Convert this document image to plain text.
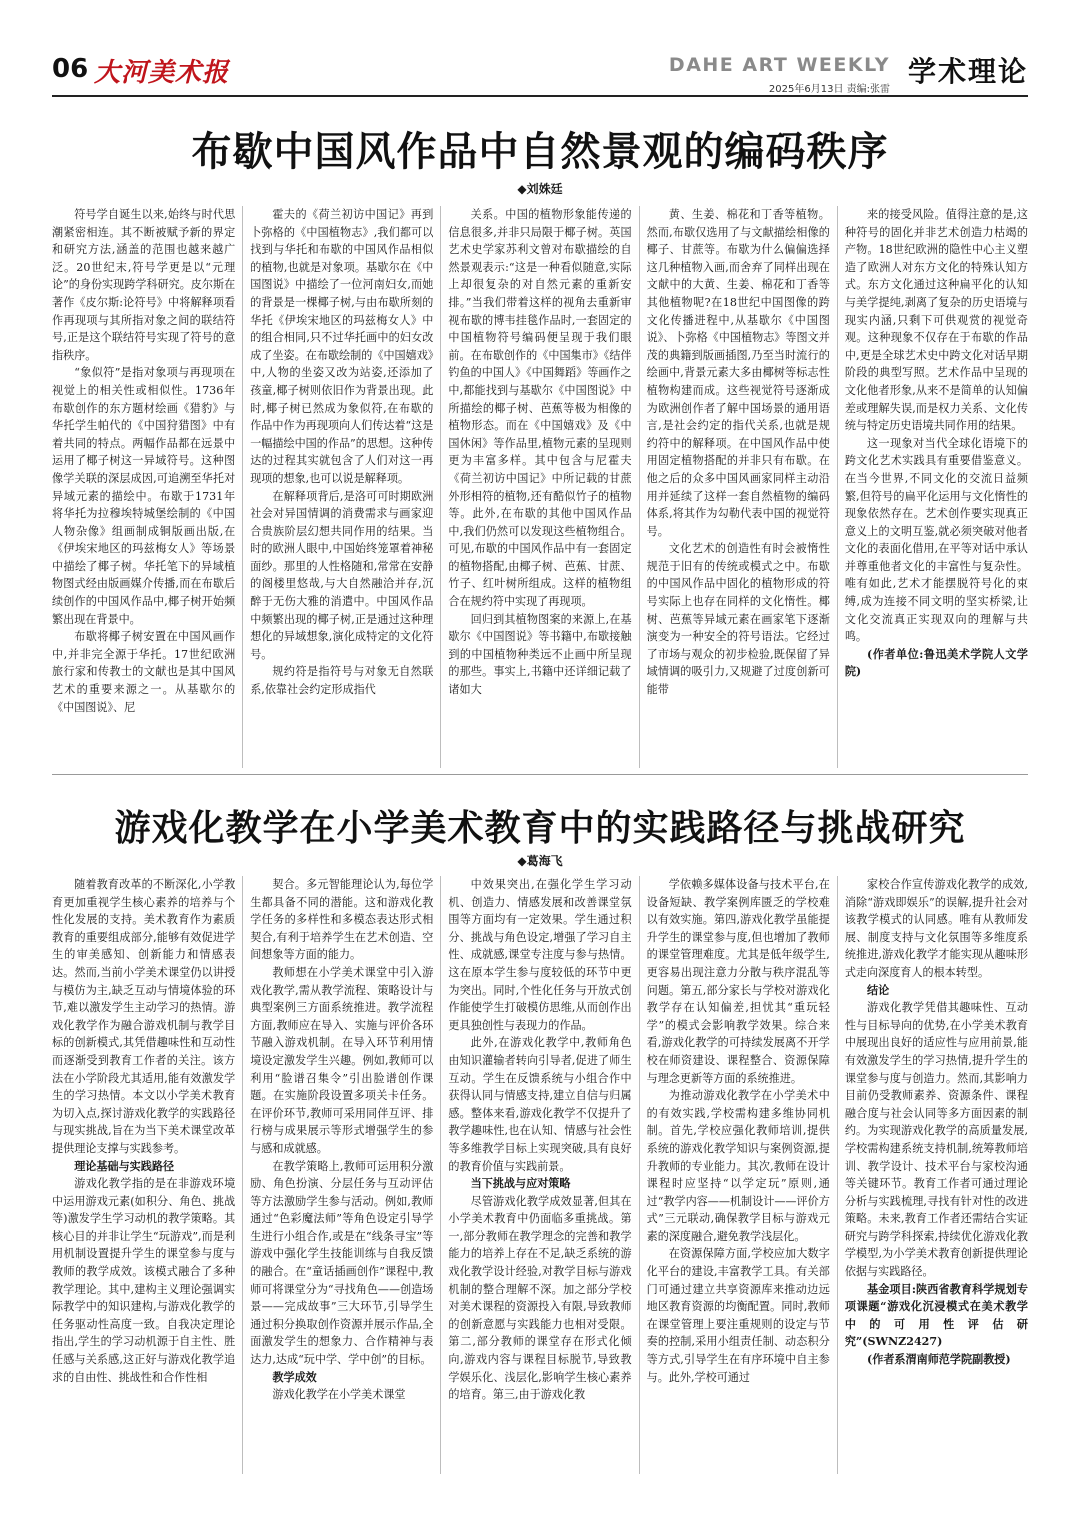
06 大河美术报	DAHE ART WEEKLY
2025年6月13日 责编:张雷
学术理论
布歇中国风作品中自然景观的编码秩序
◆刘姝廷

符号学自诞生以来,始终与时代思潮紧密相连。其不断被赋予新的界定和研究方法,涵盖的范围也越来越广泛。20世纪末,符号学更是以“元理论”的身份实现跨学科研究。皮尔斯在著作《皮尔斯:论符号》中将解释项看作再现项与其所指对象之间的联结符号,正是这个联结符号实现了符号的意指秩序。

“象似符”是指对象项与再现项在视觉上的相关性或相似性。1736年布歇创作的东方题材绘画《猎豹》与华托学生帕代的《中国狩猎图》中有着共同的特点。两幅作品都在远景中运用了椰子树这一异域符号。这种图像学关联的深层成因,可追溯至华托对异域元素的描绘中。布歇于1731年将华托为拉穆埃特城堡绘制的《中国人物杂像》组画制成铜版画出版,在《伊埃宋地区的玛兹梅女人》等场景中描绘了椰子树。华托笔下的异域植物图式经由版画媒介传播,而在布歇后续创作的中国风作品中,椰子树开始频繁出现在背景中。

布歇将椰子树安置在中国风画作中,并非完全源于华托。17世纪欧洲旅行家和传教士的文献也是其中国风艺术的重要来源之一。从基歇尔的《中国图说》、尼

霍夫的《荷兰初访中国记》再到卜弥格的《中国植物志》,我们都可以找到与华托和布歇的中国风作品相似的植物,也就是对象项。基歇尔在《中国图说》中描绘了一位河南妇女,而她的背景是一棵椰子树,与由布歇所刻的华托《伊埃宋地区的玛兹梅女人》中的组合相同,只不过华托画中的妇女改成了坐姿。在布歇绘制的《中国嬉戏》中,人物的坐姿又改为站姿,还添加了孩童,椰子树则依旧作为背景出现。此时,椰子树已然成为象似符,在布歇的作品中作为再现项向人们传达着“这是一幅描绘中国的作品”的思想。这种传达的过程其实就包含了人们对这一再现项的想象,也可以说是解释项。

在解释项背后,是洛可可时期欧洲社会对异国情调的消费需求与画家迎合贵族阶层幻想共同作用的结果。当时的欧洲人眼中,中国始终笼罩着神秘面纱。那里的人性格随和,常常在安静的阁楼里悠哉,与大自然融洽并存,沉醉于无伤大雅的消遣中。中国风作品中频繁出现的椰子树,正是通过这种理想化的异域想象,演化成特定的文化符号。

规约符是指符号与对象无自然联系,依靠社会约定形成指代

关系。中国的植物形象能传递的信息很多,并非只局限于椰子树。英国艺术史学家苏利文曾对布歇描绘的自然景观表示:“这是一种看似随意,实际上却很复杂的对自然元素的重新安排。”当我们带着这样的视角去重新审视布歇的博韦挂毯作品时,一套固定的中国植物符号编码便呈现于我们眼前。在布歇创作的《中国集市》《结伴钓鱼的中国人》《中国舞蹈》等画作之中,都能找到与基歇尔《中国图说》中所描绘的椰子树、芭蕉等极为相像的植物形态。而在《中国嬉戏》及《中国休闲》等作品里,植物元素的呈现则更为丰富多样。其中包含与尼霍夫《荷兰初访中国记》中所记载的甘蔗外形相符的植物,还有酷似竹子的植物等。此外,在布歇的其他中国风作品中,我们仍然可以发现这些植物组合。可见,布歇的中国风作品中有一套固定的植物搭配,由椰子树、芭蕉、甘蔗、竹子、红叶树所组成。这样的植物组合在规约符中实现了再现项。

回归到其植物图案的来源上,在基歇尔《中国图说》等书籍中,布歇接触到的中国植物种类远不止画中所呈现的那些。事实上,书籍中还详细记载了诸如大

黄、生姜、棉花和丁香等植物。然而,布歇仅选用了与文献描绘相像的椰子、甘蔗等。布歇为什么偏偏选择这几种植物入画,而舍弃了同样出现在文献中的大黄、生姜、棉花和丁香等其他植物呢?在18世纪中国图像的跨文化传播进程中,从基歇尔《中国图说》、卜弥格《中国植物志》等图文并茂的典籍到版画插图,乃至当时流行的绘画中,背景元素大多由椰树等标志性植物构建而成。这些视觉符号逐渐成为欧洲创作者了解中国场景的通用语言,是社会约定的指代关系,也就是规约符中的解释项。在中国风作品中使用固定植物搭配的并非只有布歇。在他之后的众多中国风画家同样主动沿用并延续了这样一套自然植物的编码体系,将其作为勾勒代表中国的视觉符号。

文化艺术的创造性有时会被惰性规范于旧有的传统或模式之中。布歇的中国风作品中固化的植物形成的符号实际上也存在同样的文化惰性。椰树、芭蕉等异域元素在画家笔下逐渐演变为一种安全的符号语法。它经过了市场与观众的初步检验,既保留了异域情调的吸引力,又规避了过度创新可能带

来的接受风险。值得注意的是,这种符号的固化并非艺术创造力枯竭的产物。18世纪欧洲的隐性中心主义塑造了欧洲人对东方文化的特殊认知方式。东方文化通过这种扁平化的认知与美学提纯,剥离了复杂的历史语境与现实内涵,只剩下可供观赏的视觉奇观。这种现象不仅存在于布歇的作品中,更是全球艺术史中跨文化对话早期阶段的典型写照。艺术作品中呈现的文化他者形象,从来不是简单的认知偏差或理解失误,而是权力关系、文化传统与特定历史语境共同作用的结果。

这一现象对当代全球化语境下的跨文化艺术实践具有重要借鉴意义。在当今世界,不同文化的交流日益频繁,但符号的扁平化运用与文化惰性的现象依然存在。艺术创作要实现真正意义上的文明互鉴,就必须突破对他者文化的表面化借用,在平等对话中承认并尊重他者文化的丰富性与复杂性。唯有如此,艺术才能摆脱符号化的束缚,成为连接不同文明的坚实桥梁,让文化交流真正实现双向的理解与共鸣。

(作者单位:鲁迅美术学院人文学院)

游戏化教学在小学美术教育中的实践路径与挑战研究
◆葛海飞

随着教育改革的不断深化,小学教育更加重视学生核心素养的培养与个性化发展的支持。美术教育作为素质教育的重要组成部分,能够有效促进学生的审美感知、创新能力和情感表达。然而,当前小学美术课堂仍以讲授与模仿为主,缺乏互动与情境体验的环节,难以激发学生主动学习的热情。游戏化教学作为融合游戏机制与教学目标的创新模式,其凭借趣味性和互动性而逐渐受到教育工作者的关注。该方法在小学阶段尤其适用,能有效激发学生的学习热情。本文以小学美术教育为切入点,探讨游戏化教学的实践路径与现实挑战,旨在为当下美术课堂改革提供理论支撑与实践参考。

理论基础与实践路径

游戏化教学指的是在非游戏环境中运用游戏元素(如积分、角色、挑战等)激发学生学习动机的教学策略。其核心目的并非让学生“玩游戏”,而是利用机制设置提升学生的课堂参与度与教师的教学成效。该模式融合了多种教学理论。其中,建构主义理论强调实际教学中的知识建构,与游戏化教学的任务驱动性高度一致。自我决定理论指出,学生的学习动机源于自主性、胜任感与关系感,这正好与游戏化教学追求的自由性、挑战性和合作性相

契合。多元智能理论认为,每位学生都具备不同的潜能。这和游戏化教学任务的多样性和多模态表达形式相契合,有利于培养学生在艺术创造、空间想象等方面的能力。

教师想在小学美术课堂中引入游戏化教学,需从教学流程、策略设计与典型案例三方面系统推进。教学流程方面,教师应在导入、实施与评价各环节融入游戏机制。在导入环节利用情境设定激发学生兴趣。例如,教师可以利用“脸谱召集令”引出脸谱创作课题。在实施阶段设置多项关卡任务。在评价环节,教师可采用同伴互评、排行榜与成果展示等形式增强学生的参与感和成就感。

在教学策略上,教师可运用积分激励、角色扮演、分层任务与互动评估等方法激励学生参与活动。例如,教师通过“色彩魔法师”等角色设定引导学生进行小组合作,或是在“线条寻宝”等游戏中强化学生技能训练与自我反馈的融合。在“童话插画创作”课程中,教师可将课堂分为“寻找角色——创造场景——完成故事”三大环节,引导学生通过积分换取创作资源并展示作品,全面激发学生的想象力、合作精神与表达力,达成“玩中学、学中创”的目标。

教学成效

游戏化教学在小学美术课堂

中效果突出,在强化学生学习动机、创造力、情感发展和改善课堂氛围等方面均有一定效果。学生通过积分、挑战与角色设定,增强了学习自主性、成就感,课堂专注度与参与热情。这在原本学生参与度较低的环节中更为突出。同时,个性化任务与开放式创作能使学生打破模仿思维,从而创作出更具独创性与表现力的作品。

此外,在游戏化教学中,教师角色由知识灌输者转向引导者,促进了师生互动。学生在反馈系统与小组合作中获得认同与情感支持,建立自信与归属感。整体来看,游戏化教学不仅提升了教学趣味性,也在认知、情感与社会性等多维教学目标上实现突破,具有良好的教育价值与实践前景。

当下挑战与应对策略

尽管游戏化教学成效显著,但其在小学美术教育中仍面临多重挑战。第一,部分教师在教学理念的完善和教学能力的培养上存在不足,缺乏系统的游戏化教学设计经验,对教学目标与游戏机制的整合理解不深。加之部分学校对美术课程的资源投入有限,导致教师的创新意愿与实践能力也相对受限。第二,部分教师的课堂存在形式化倾向,游戏内容与课程目标脱节,导致教学娱乐化、浅层化,影响学生核心素养的培育。第三,由于游戏化教

学依赖多媒体设备与技术平台,在设备短缺、教学案例库匮乏的学校难以有效实施。第四,游戏化教学虽能提升学生的课堂参与度,但也增加了教师的课堂管理难度。尤其是低年级学生,更容易出现注意力分散与秩序混乱等问题。第五,部分家长与学校对游戏化教学存在认知偏差,担忧其“重玩轻学”的模式会影响教学效果。综合来看,游戏化教学的可持续发展离不开学校在师资建设、课程整合、资源保障与理念更新等方面的系统推进。

为推动游戏化教学在小学美术中的有效实践,学校需构建多维协同机制。首先,学校应强化教师培训,提供系统的游戏化教学知识与案例资源,提升教师的专业能力。其次,教师在设计课程时应坚持“以学定玩”原则,通过“教学内容——机制设计——评价方式”三元联动,确保教学目标与游戏元素的深度融合,避免教学浅层化。

在资源保障方面,学校应加大数字化平台的建设,丰富教学工具。有关部门可通过建立共享资源库来推动边远地区教育资源的均衡配置。同时,教师在课堂管理上要注重规则的设定与节奏的控制,采用小组责任制、动态积分等方式,引导学生在有序环境中自主参与。此外,学校可通过

家校合作宣传游戏化教学的成效,消除“游戏即娱乐”的误解,提升社会对该教学模式的认同感。唯有从教师发展、制度支持与文化氛围等多维度系统推进,游戏化教学才能实现从趣味形式走向深度育人的根本转型。

结论

游戏化教学凭借其趣味性、互动性与目标导向的优势,在小学美术教育中展现出良好的适应性与应用前景,能有效激发学生的学习热情,提升学生的课堂参与度与创造力。然而,其影响力目前仍受教师素养、资源条件、课程融合度与社会认同等多方面因素的制约。为实现游戏化教学的高质量发展,学校需构建系统支持机制,统筹教师培训、教学设计、技术平台与家校沟通等关键环节。教育工作者可通过理论分析与实践梳理,寻找有针对性的改进策略。未来,教育工作者还需结合实证研究与跨学科探索,持续优化游戏化教学模型,为小学美术教育创新提供理论依据与实践路径。

基金项目:陕西省教育科学规划专项课题“游戏化沉浸模式在美术教学中的可用性评估研究”(SWNZ2427)

(作者系渭南师范学院副教授)
